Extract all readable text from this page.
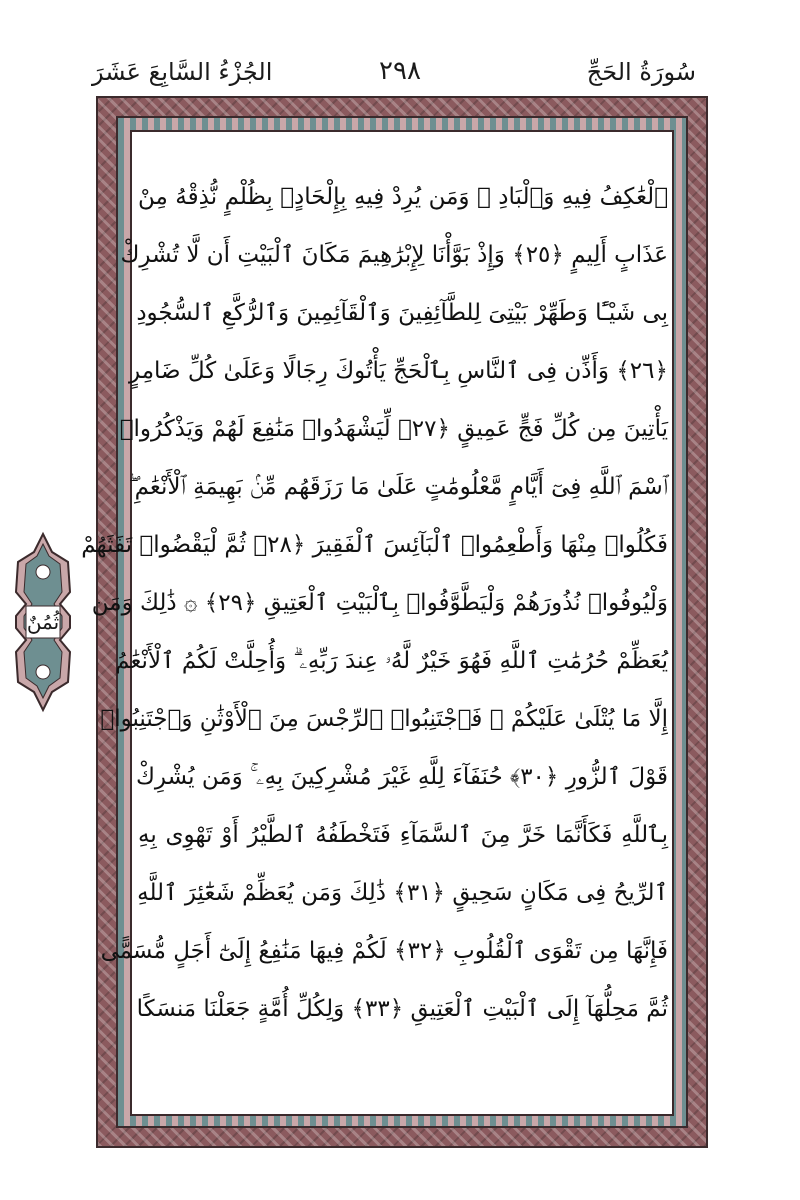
سُورَةُ الحَجِّ
٢٩٨
الجُزْءُ السَّابِعَ عَشَرَ
ٱلْعَٰكِفُ فِيهِ وَٱلْبَادِ ۚ وَمَن يُرِدْ فِيهِ بِإِلْحَادٍۭ بِظُلْمٍ نُّذِقْهُ مِنْ
عَذَابٍ أَلِيمٍ ﴿٢٥﴾ وَإِذْ بَوَّأْنَا لِإِبْرَٰهِيمَ مَكَانَ ٱلْبَيْتِ أَن لَّا تُشْرِكْ
بِى شَيْـًٔا وَطَهِّرْ بَيْتِىَ لِلطَّآئِفِينَ وَٱلْقَآئِمِينَ وَٱلرُّكَّعِ ٱلسُّجُودِ
﴿٢٦﴾ وَأَذِّن فِى ٱلنَّاسِ بِٱلْحَجِّ يَأْتُوكَ رِجَالًا وَعَلَىٰ كُلِّ ضَامِرٍ
يَأْتِينَ مِن كُلِّ فَجٍّ عَمِيقٍ ﴿٢٧﴾ لِّيَشْهَدُوا۟ مَنَٰفِعَ لَهُمْ وَيَذْكُرُوا۟
ٱسْمَ ٱللَّهِ فِىٓ أَيَّامٍ مَّعْلُومَٰتٍ عَلَىٰ مَا رَزَقَهُم مِّنۢ بَهِيمَةِ ٱلْأَنْعَٰمِ ۖ
فَكُلُوا۟ مِنْهَا وَأَطْعِمُوا۟ ٱلْبَآئِسَ ٱلْفَقِيرَ ﴿٢٨﴾ ثُمَّ لْيَقْضُوا۟ تَفَثَهُمْ
وَلْيُوفُوا۟ نُذُورَهُمْ وَلْيَطَّوَّفُوا۟ بِٱلْبَيْتِ ٱلْعَتِيقِ ﴿٢٩﴾ ۞ ذَٰلِكَ وَمَن
يُعَظِّمْ حُرُمَٰتِ ٱللَّهِ فَهُوَ خَيْرٌ لَّهُۥ عِندَ رَبِّهِۦ ۗ وَأُحِلَّتْ لَكُمُ ٱلْأَنْعَٰمُ
إِلَّا مَا يُتْلَىٰ عَلَيْكُمْ ۖ فَٱجْتَنِبُوا۟ ٱلرِّجْسَ مِنَ ٱلْأَوْثَٰنِ وَٱجْتَنِبُوا۟
قَوْلَ ٱلزُّورِ ﴿٣٠﴾ حُنَفَآءَ لِلَّهِ غَيْرَ مُشْرِكِينَ بِهِۦ ۚ وَمَن يُشْرِكْ
بِٱللَّهِ فَكَأَنَّمَا خَرَّ مِنَ ٱلسَّمَآءِ فَتَخْطَفُهُ ٱلطَّيْرُ أَوْ تَهْوِى بِهِ
ٱلرِّيحُ فِى مَكَانٍ سَحِيقٍ ﴿٣١﴾ ذَٰلِكَ وَمَن يُعَظِّمْ شَعَٰٓئِرَ ٱللَّهِ
فَإِنَّهَا مِن تَقْوَى ٱلْقُلُوبِ ﴿٣٢﴾ لَكُمْ فِيهَا مَنَٰفِعُ إِلَىٰٓ أَجَلٍ مُّسَمًّى
ثُمَّ مَحِلُّهَآ إِلَى ٱلْبَيْتِ ٱلْعَتِيقِ ﴿٣٣﴾ وَلِكُلِّ أُمَّةٍ جَعَلْنَا مَنسَكًا
ثُمُنٌ
